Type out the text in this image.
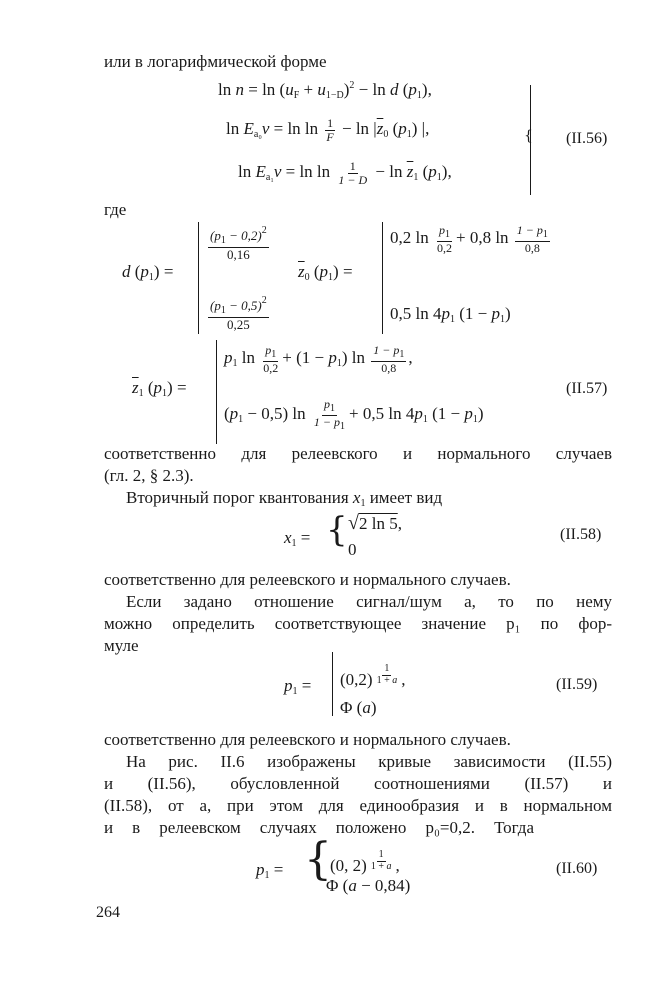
или в логарифмической форме
$\ln n = \ln (u_F + u_{1-D})^2 - \ln d$ $(p_1)$,
$\ln E_{a_0}\nu = \ln \ln \frac{1}{F} - \ln |\overline{z}_0$ $(p_1)$ |,
$\ln E_{a_1}\nu = \ln \ln \frac{1}{1 - D} - \ln \overline{z}_1$ $(p_1)$,
{ (II.56)
где
d $(p_1)$ =
$\frac{(p_1 - 0,2)^2}{0,16}$
$\frac{(p_1 - 0,5)^2}{0,25}$
$\overline{z}_0$ $(p_1)$ =
0,2 $\ln \frac{p_1}{0,2} + 0,8$ $\ln \frac{1 - p_1}{0,8}$
0,5 $\ln 4p_1$ $(1 - p_1)$
$\overline{z}_1$ $(p_1)$ =
$p_1$ $\ln \frac{p_1}{0,2} + (1 - p_1)$ $\ln \frac{1 - p_1}{0,8}$ ,
$(p_1 - 0,5)$ $\ln \frac{p_1}{1 - p_1} + 0,5$ $\ln 4p_1$ $(1 - p_1)$
(II.57)
соответственно для релеевского и нормального случаев
(гл. 2, § 2.3).
Вторичный порог квантования $x_1$ имеет вид
$x_1$ = { √2 ln 5,
0
(II.58)
соответственно для релеевского и нормального случаев.
Если задано отношение сигнал/шум a, то по нему
можно определить соответствующее значение p₁ по фор-
муле
$p_1 = (0,2) \frac{1}{1 + a}$ ,
Φ (a)
(II.59)
соответственно для релеевского и нормального случаев.
На рис. II.6 изображены кривые зависимости (II.55)
и (II.56), обусловленной соотношениями (II.57) и
(II.58), от a, при этом для единообразия и в нормальном
и в релеевском случаях положено p₀=0,2. Тогда
$p_1$ = {
(0, $2) \frac{1}{1 + a}$ ,
Φ (a − 0,84)
(II.60)
264
